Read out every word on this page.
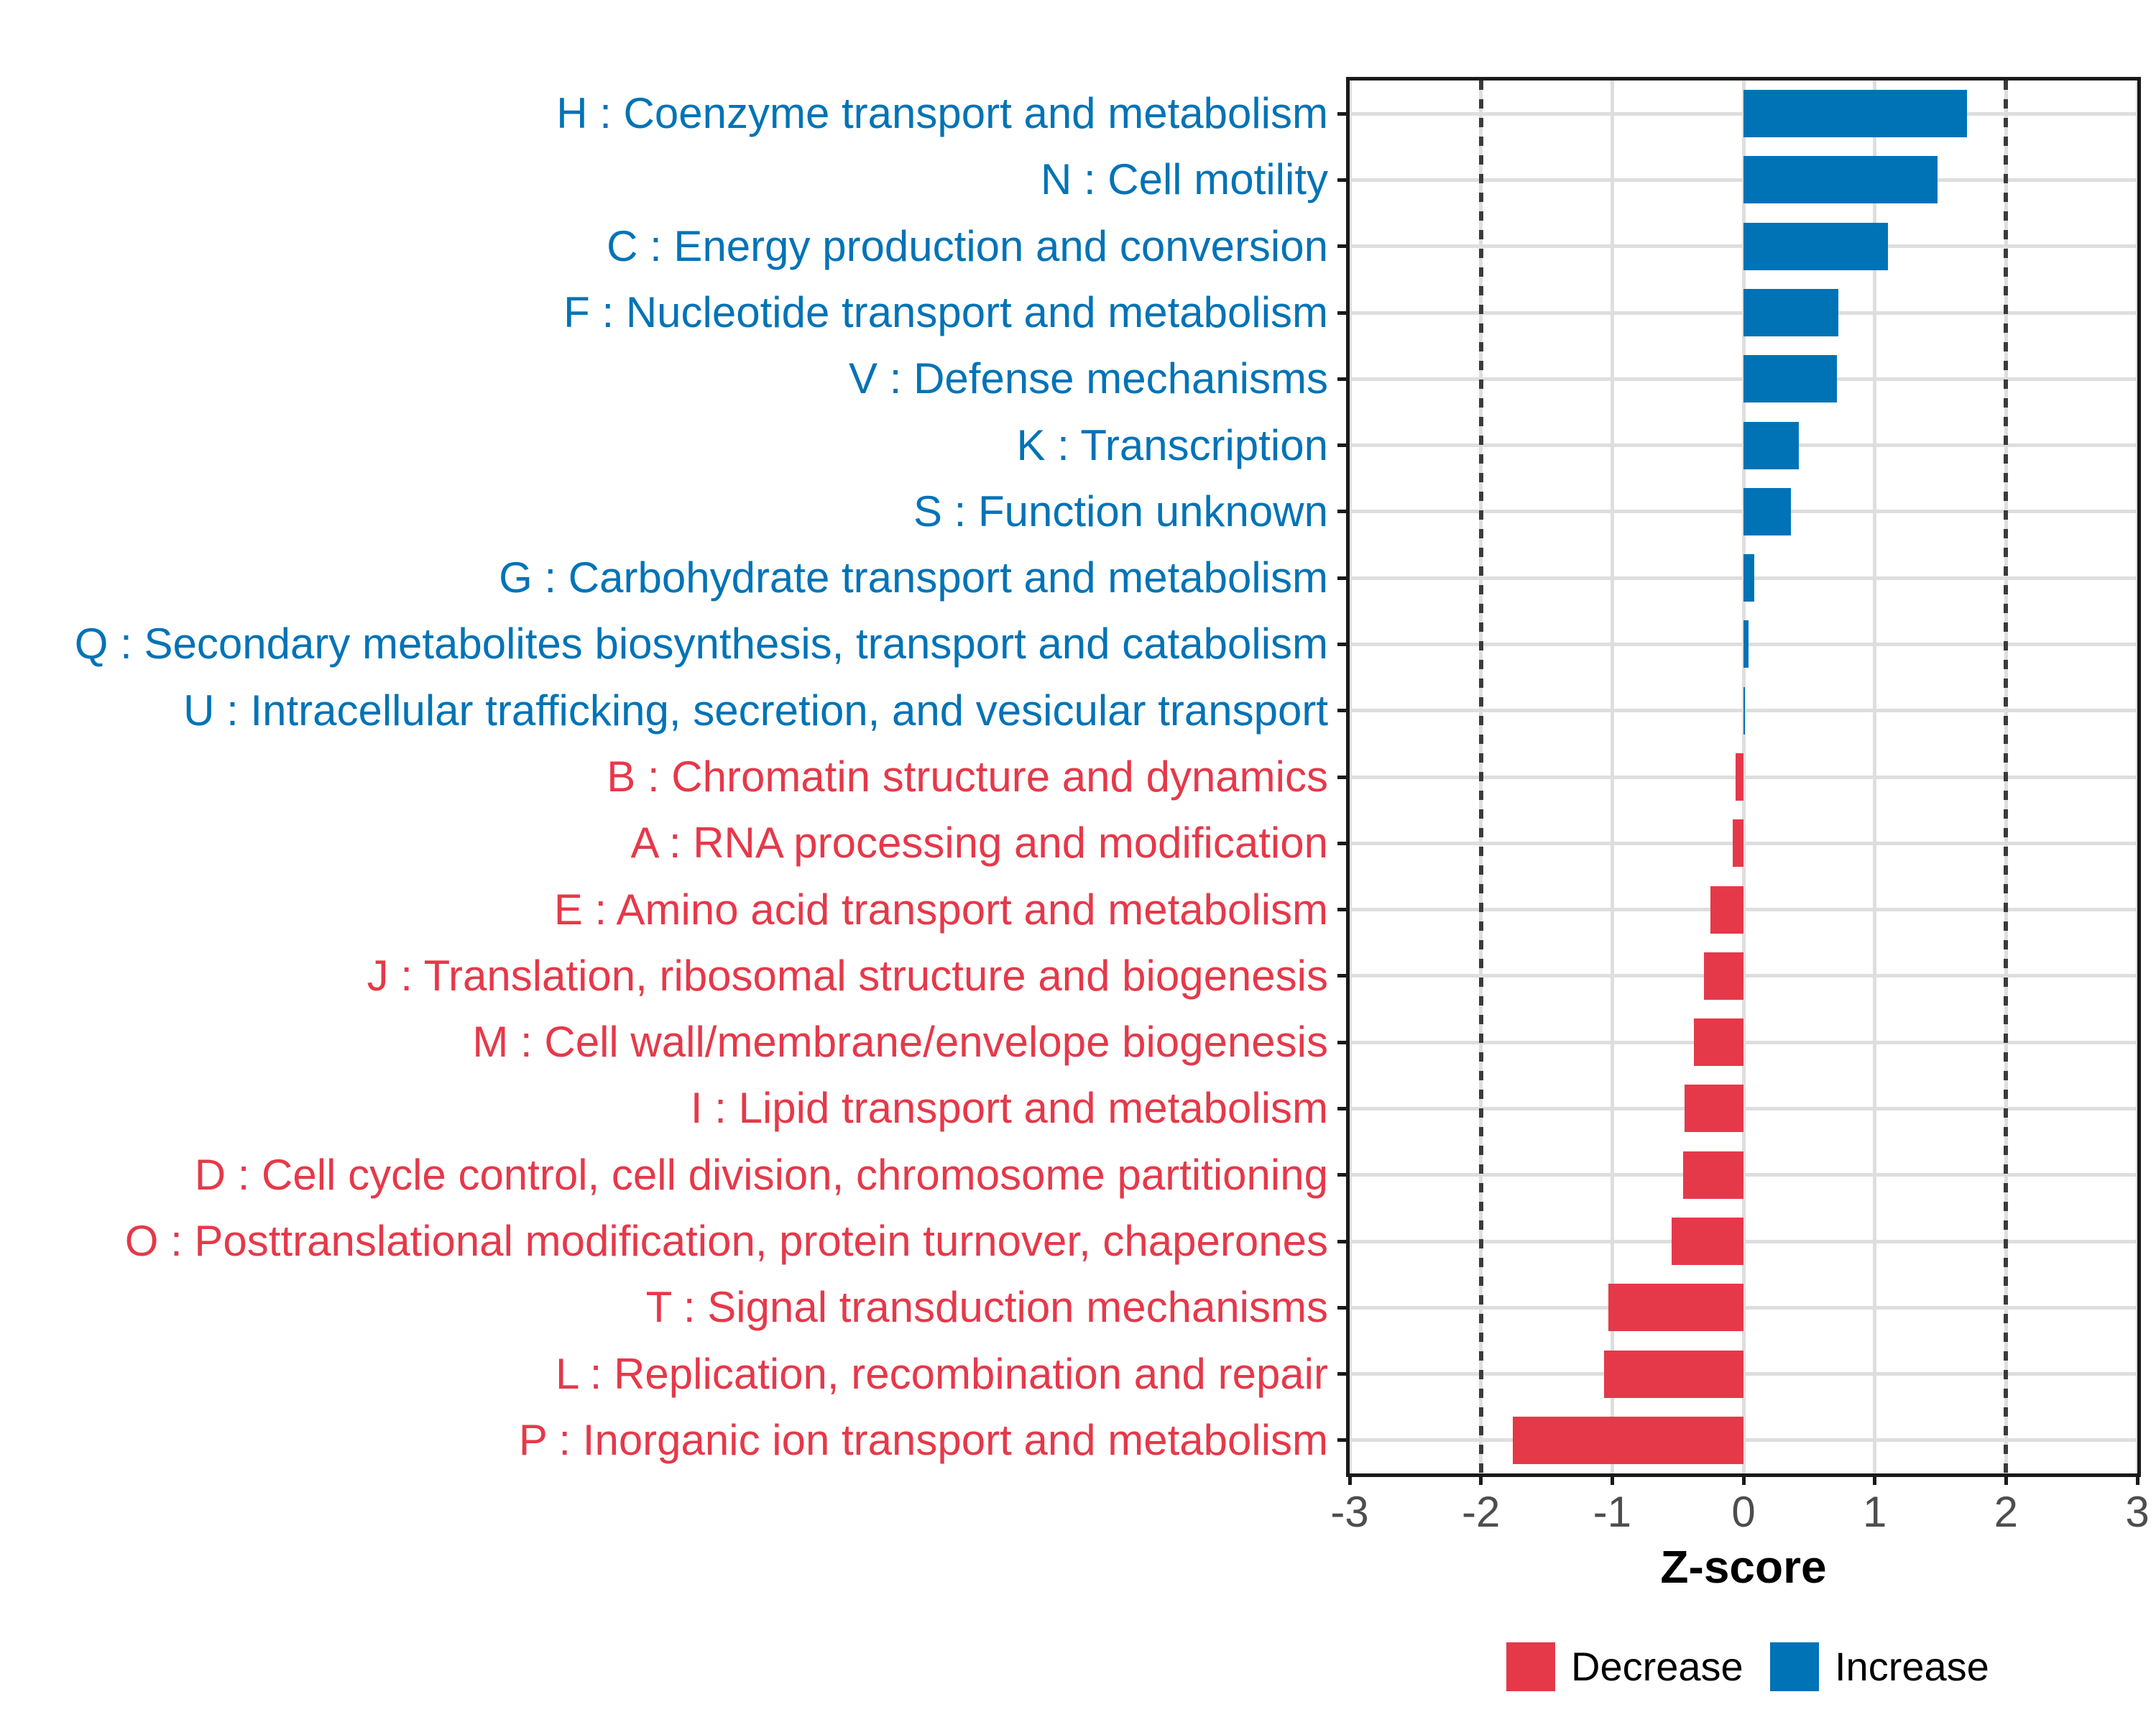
Z-score
Decrease Increase
H : Coenzyme transport and metabolism
N : Cell motility
C : Energy production and conversion
F : Nucleotide transport and metabolism
V : Defense mechanisms
K : Transcription
S : Function unknown
G : Carbohydrate transport and metabolism
Q : Secondary metabolites biosynthesis, transport and catabolism
U : Intracellular trafficking, secretion, and vesicular transport
B : Chromatin structure and dynamics
A : RNA processing and modification
E : Amino acid transport and metabolism
J : Translation, ribosomal structure and biogenesis
M : Cell wall/membrane/envelope biogenesis
I : Lipid transport and metabolism
D : Cell cycle control, cell division, chromosome partitioning
O : Posttranslational modification, protein turnover, chaperones
T : Signal transduction mechanisms
L : Replication, recombination and repair
P : Inorganic ion transport and metabolism
-3	-2	-1	0	1	2	3
